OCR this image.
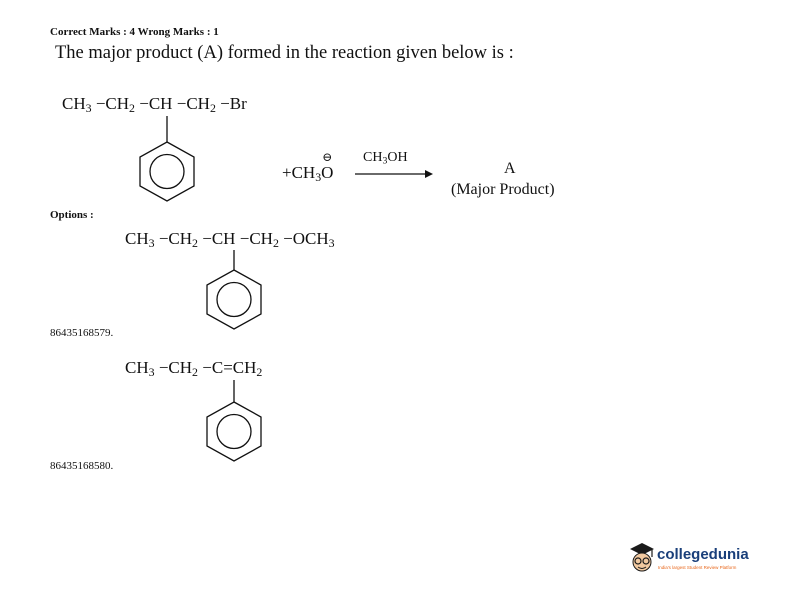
Correct Marks : 4 Wrong Marks : 1
The major product (A) formed in the reaction given below is :
$CH_3 -CH_2 -CH -CH_2 -Br$
$+CH_3O$
⊖ $CH_3OH$
A
(Major Product)
Options :
$CH_3 -CH_2 -CH -CH_2 -OCH_3$
86435168579.
$CH_3 -CH_2 -C=CH_2$
86435168580.
collegedunia
India's largest Student Review Platform
